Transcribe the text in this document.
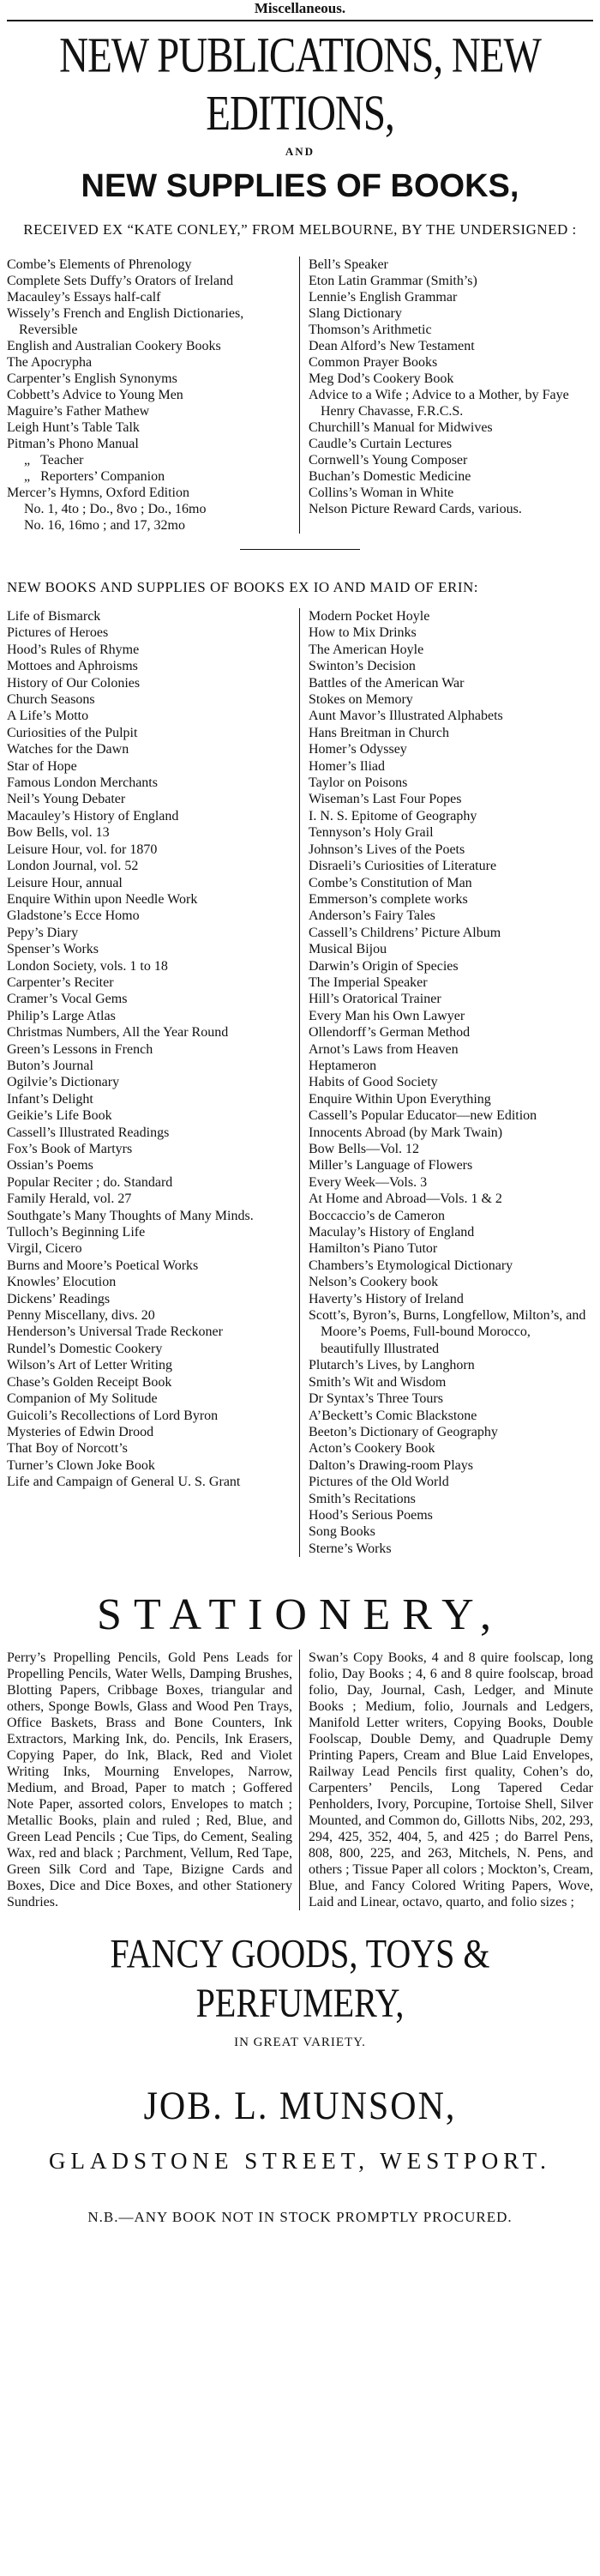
Miscellaneous.
NEW PUBLICATIONS, NEW EDITIONS,
AND
NEW SUPPLIES OF BOOKS,
RECEIVED EX “KATE CONLEY,” FROM MELBOURNE, BY THE UNDERSIGNED :
Combe’s Elements of Phrenology
Complete Sets Duffy’s Orators of Ireland
Macauley’s Essays half-calf
Wissely’s French and English Dictionaries, Reversible
English and Australian Cookery Books
The Apocrypha
Carpenter’s English Synonyms
Cobbett’s Advice to Young Men
Maguire’s Father Mathew
Leigh Hunt’s Table Talk
Pitman’s Phono Manual
„   Teacher
„   Reporters’ Companion
Mercer’s Hymns, Oxford Edition
No. 1, 4to ; Do., 8vo ; Do., 16mo
No. 16, 16mo ; and 17, 32mo
Bell’s Speaker
Eton Latin Grammar (Smith’s)
Lennie’s English Grammar
Slang Dictionary
Thomson’s Arithmetic
Dean Alford’s New Testament
Common Prayer Books
Meg Dod’s Cookery Book
Advice to a Wife ; Advice to a Mother, by Faye Henry Chavasse, F.R.C.S.
Churchill’s Manual for Midwives
Caudle’s Curtain Lectures
Cornwell’s Young Composer
Buchan’s Domestic Medicine
Collins’s Woman in White
Nelson Picture Reward Cards, various.
NEW BOOKS AND SUPPLIES OF BOOKS EX IO AND MAID OF ERIN:
Life of Bismarck
Pictures of Heroes
Hood’s Rules of Rhyme
Mottoes and Aphroisms
History of Our Colonies
Church Seasons
A Life’s Motto
Curiosities of the Pulpit
Watches for the Dawn
Star of Hope
Famous London Merchants
Neil’s Young Debater
Macauley’s History of England
Bow Bells, vol. 13
Leisure Hour, vol. for 1870
London Journal, vol. 52
Leisure Hour, annual
Enquire Within upon Needle Work
Gladstone’s Ecce Homo
Pepy’s Diary
Spenser’s Works
London Society, vols. 1 to 18
Carpenter’s Reciter
Cramer’s Vocal Gems
Philip’s Large Atlas
Christmas Numbers, All the Year Round
Green’s Lessons in French
Buton’s Journal
Ogilvie’s Dictionary
Infant’s Delight
Geikie’s Life Book
Cassell’s Illustrated Readings
Fox’s Book of Martyrs
Ossian’s Poems
Popular Reciter ; do. Standard
Family Herald, vol. 27
Southgate’s Many Thoughts of Many Minds.
Tulloch’s Beginning Life
Virgil, Cicero
Burns and Moore’s Poetical Works
Knowles’ Elocution
Dickens’ Readings
Penny Miscellany, divs. 20
Henderson’s Universal Trade Reckoner
Rundel’s Domestic Cookery
Wilson’s Art of Letter Writing
Chase’s Golden Receipt Book
Companion of My Solitude
Guicoli’s Recollections of Lord Byron
Mysteries of Edwin Drood
That Boy of Norcott’s
Turner’s Clown Joke Book
Life and Campaign of General U. S. Grant
Modern Pocket Hoyle
How to Mix Drinks
The American Hoyle
Swinton’s Decision
Battles of the American War
Stokes on Memory
Aunt Mavor’s Illustrated Alphabets
Hans Breitman in Church
Homer’s Odyssey
Homer’s Iliad
Taylor on Poisons
Wiseman’s Last Four Popes
I. N. S. Epitome of Geography
Tennyson’s Holy Grail
Johnson’s Lives of the Poets
Disraeli’s Curiosities of Literature
Combe’s Constitution of Man
Emmerson’s complete works
Anderson’s Fairy Tales
Cassell’s Childrens’ Picture Album
Musical Bijou
Darwin’s Origin of Species
The Imperial Speaker
Hill’s Oratorical Trainer
Every Man his Own Lawyer
Ollendorff’s German Method
Arnot’s Laws from Heaven
Heptameron
Habits of Good Society
Enquire Within Upon Everything
Cassell’s Popular Educator—new Edition
Innocents Abroad (by Mark Twain)
Bow Bells—Vol. 12
Miller’s Language of Flowers
Every Week—Vols. 3
At Home and Abroad—Vols. 1 & 2
Boccaccio’s de Cameron
Maculay’s History of England
Hamilton’s Piano Tutor
Chambers’s Etymological Dictionary
Nelson’s Cookery book
Haverty’s History of Ireland
Scott’s, Byron’s, Burns, Longfellow, Milton’s, and Moore’s Poems, Full-bound Morocco, beautifully Illustrated
Plutarch’s Lives, by Langhorn
Smith’s Wit and Wisdom
Dr Syntax’s Three Tours
A’Beckett’s Comic Blackstone
Beeton’s Dictionary of Geography
Acton’s Cookery Book
Dalton’s Drawing-room Plays
Pictures of the Old World
Smith’s Recitations
Hood’s Serious Poems
Song Books
Sterne’s Works
STATIONERY,
Perry’s Propelling Pencils, Gold Pens Leads for Propelling Pencils, Water Wells, Damping Brushes, Blotting Papers, Cribbage Boxes, triangular and others, Sponge Bowls, Glass and Wood Pen Trays, Office Baskets, Brass and Bone Counters, Ink Extractors, Marking Ink, do. Pencils, Ink Erasers, Copying Paper, do Ink, Black, Red and Violet Writing Inks, Mourning Envelopes, Narrow, Medium, and Broad, Paper to match ; Goffered Note Paper, assorted colors, Envelopes to match ; Metallic Books, plain and ruled ; Red, Blue, and Green Lead Pencils ; Cue Tips, do Cement, Sealing Wax, red and black ; Parchment, Vellum, Red Tape, Green Silk Cord and Tape, Bizigne Cards and Boxes, Dice and Dice Boxes, and other Stationery Sundries.
Swan’s Copy Books, 4 and 8 quire foolscap, long folio, Day Books ; 4, 6 and 8 quire foolscap, broad folio, Day, Journal, Cash, Ledger, and Minute Books ; Medium, folio, Journals and Ledgers, Manifold Letter writers, Copying Books, Double Foolscap, Double Demy, and Quadruple Demy Printing Papers, Cream and Blue Laid Envelopes, Railway Lead Pencils first quality, Cohen’s do, Carpenters’ Pencils, Long Tapered Cedar Penholders, Ivory, Porcupine, Tortoise Shell, Silver Mounted, and Common do, Gillotts Nibs, 202, 293, 294, 425, 352, 404, 5, and 425 ; do Barrel Pens, 808, 800, 225, and 263, Mitchels, N. Pens, and others ; Tissue Paper all colors ; Mockton’s, Cream, Blue, and Fancy Colored Writing Papers, Wove, Laid and Linear, octavo, quarto, and folio sizes ;
FANCY GOODS, TOYS & PERFUMERY,
IN GREAT VARIETY.
JOB. L. MUNSON,
GLADSTONE STREET, WESTPORT.
N.B.—ANY BOOK NOT IN STOCK PROMPTLY PROCURED.
